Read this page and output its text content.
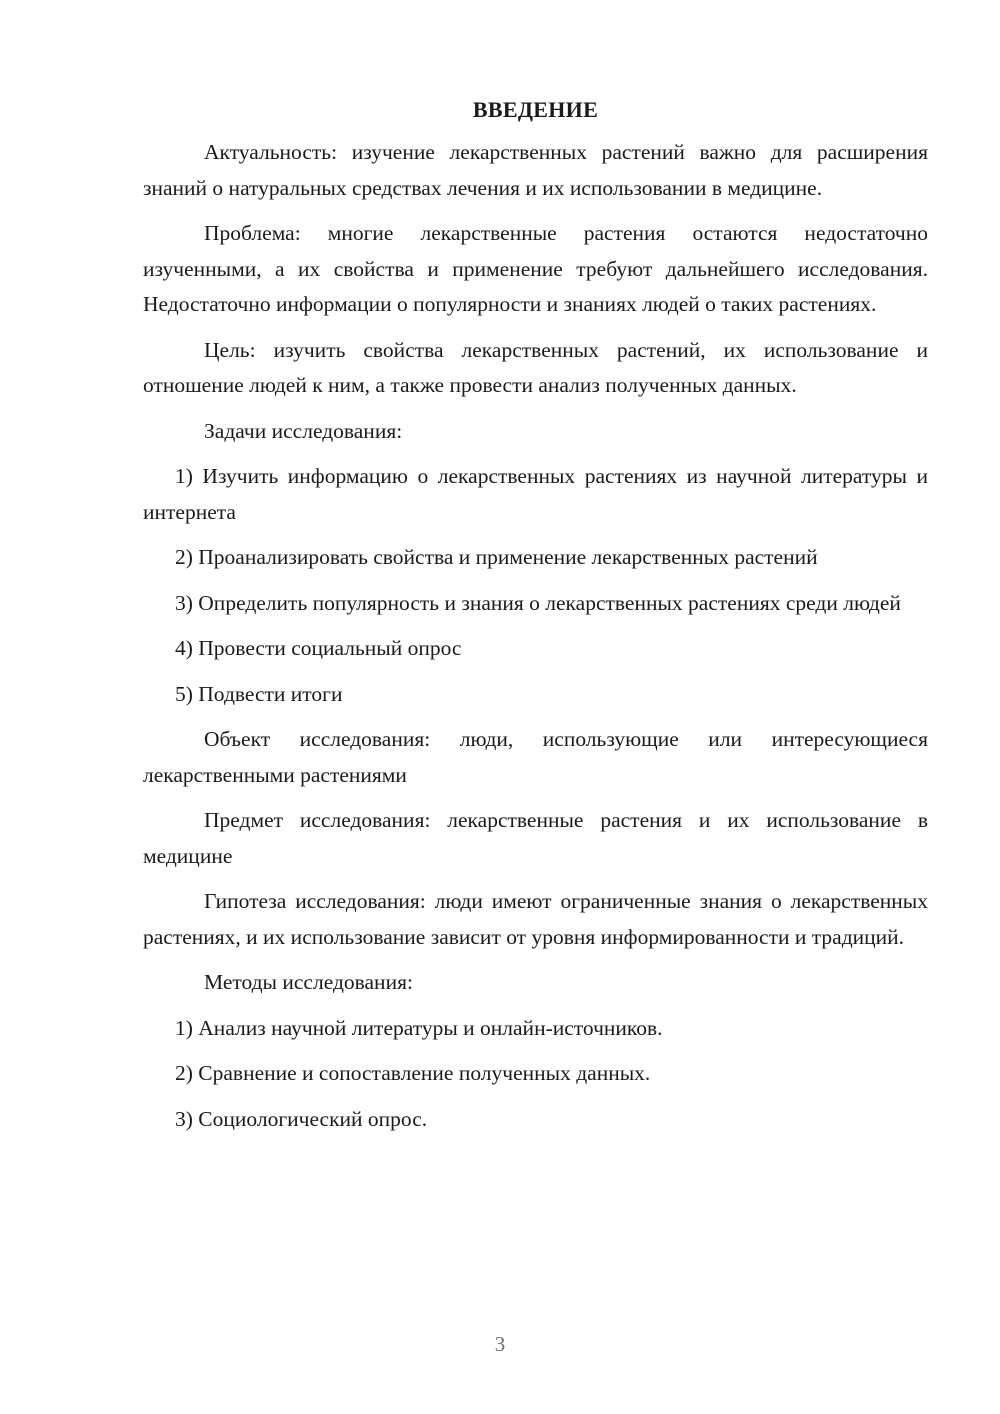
ВВЕДЕНИЕ

Актуальность: изучение лекарственных растений важно для расширения знаний о натуральных средствах лечения и их использовании в медицине.

Проблема: многие лекарственные растения остаются недостаточно изученными, а их свойства и применение требуют дальнейшего исследования. Недостаточно информации о популярности и знаниях людей о таких растениях.

Цель: изучить свойства лекарственных растений, их использование и отношение людей к ним, а также провести анализ полученных данных.

Задачи исследования:

1) Изучить информацию о лекарственных растениях из научной литературы и интернета

2) Проанализировать свойства и применение лекарственных растений

3) Определить популярность и знания о лекарственных растениях среди людей

4) Провести социальный опрос

5) Подвести итоги

Объект исследования: люди, использующие или интересующиеся лекарственными растениями

Предмет исследования: лекарственные растения и их использование в медицине

Гипотеза исследования: люди имеют ограниченные знания о лекарственных растениях, и их использование зависит от уровня информированности и традиций.

Методы исследования:

1) Анализ научной литературы и онлайн-источников.

2) Сравнение и сопоставление полученных данных.

3) Социологический опрос.

3
